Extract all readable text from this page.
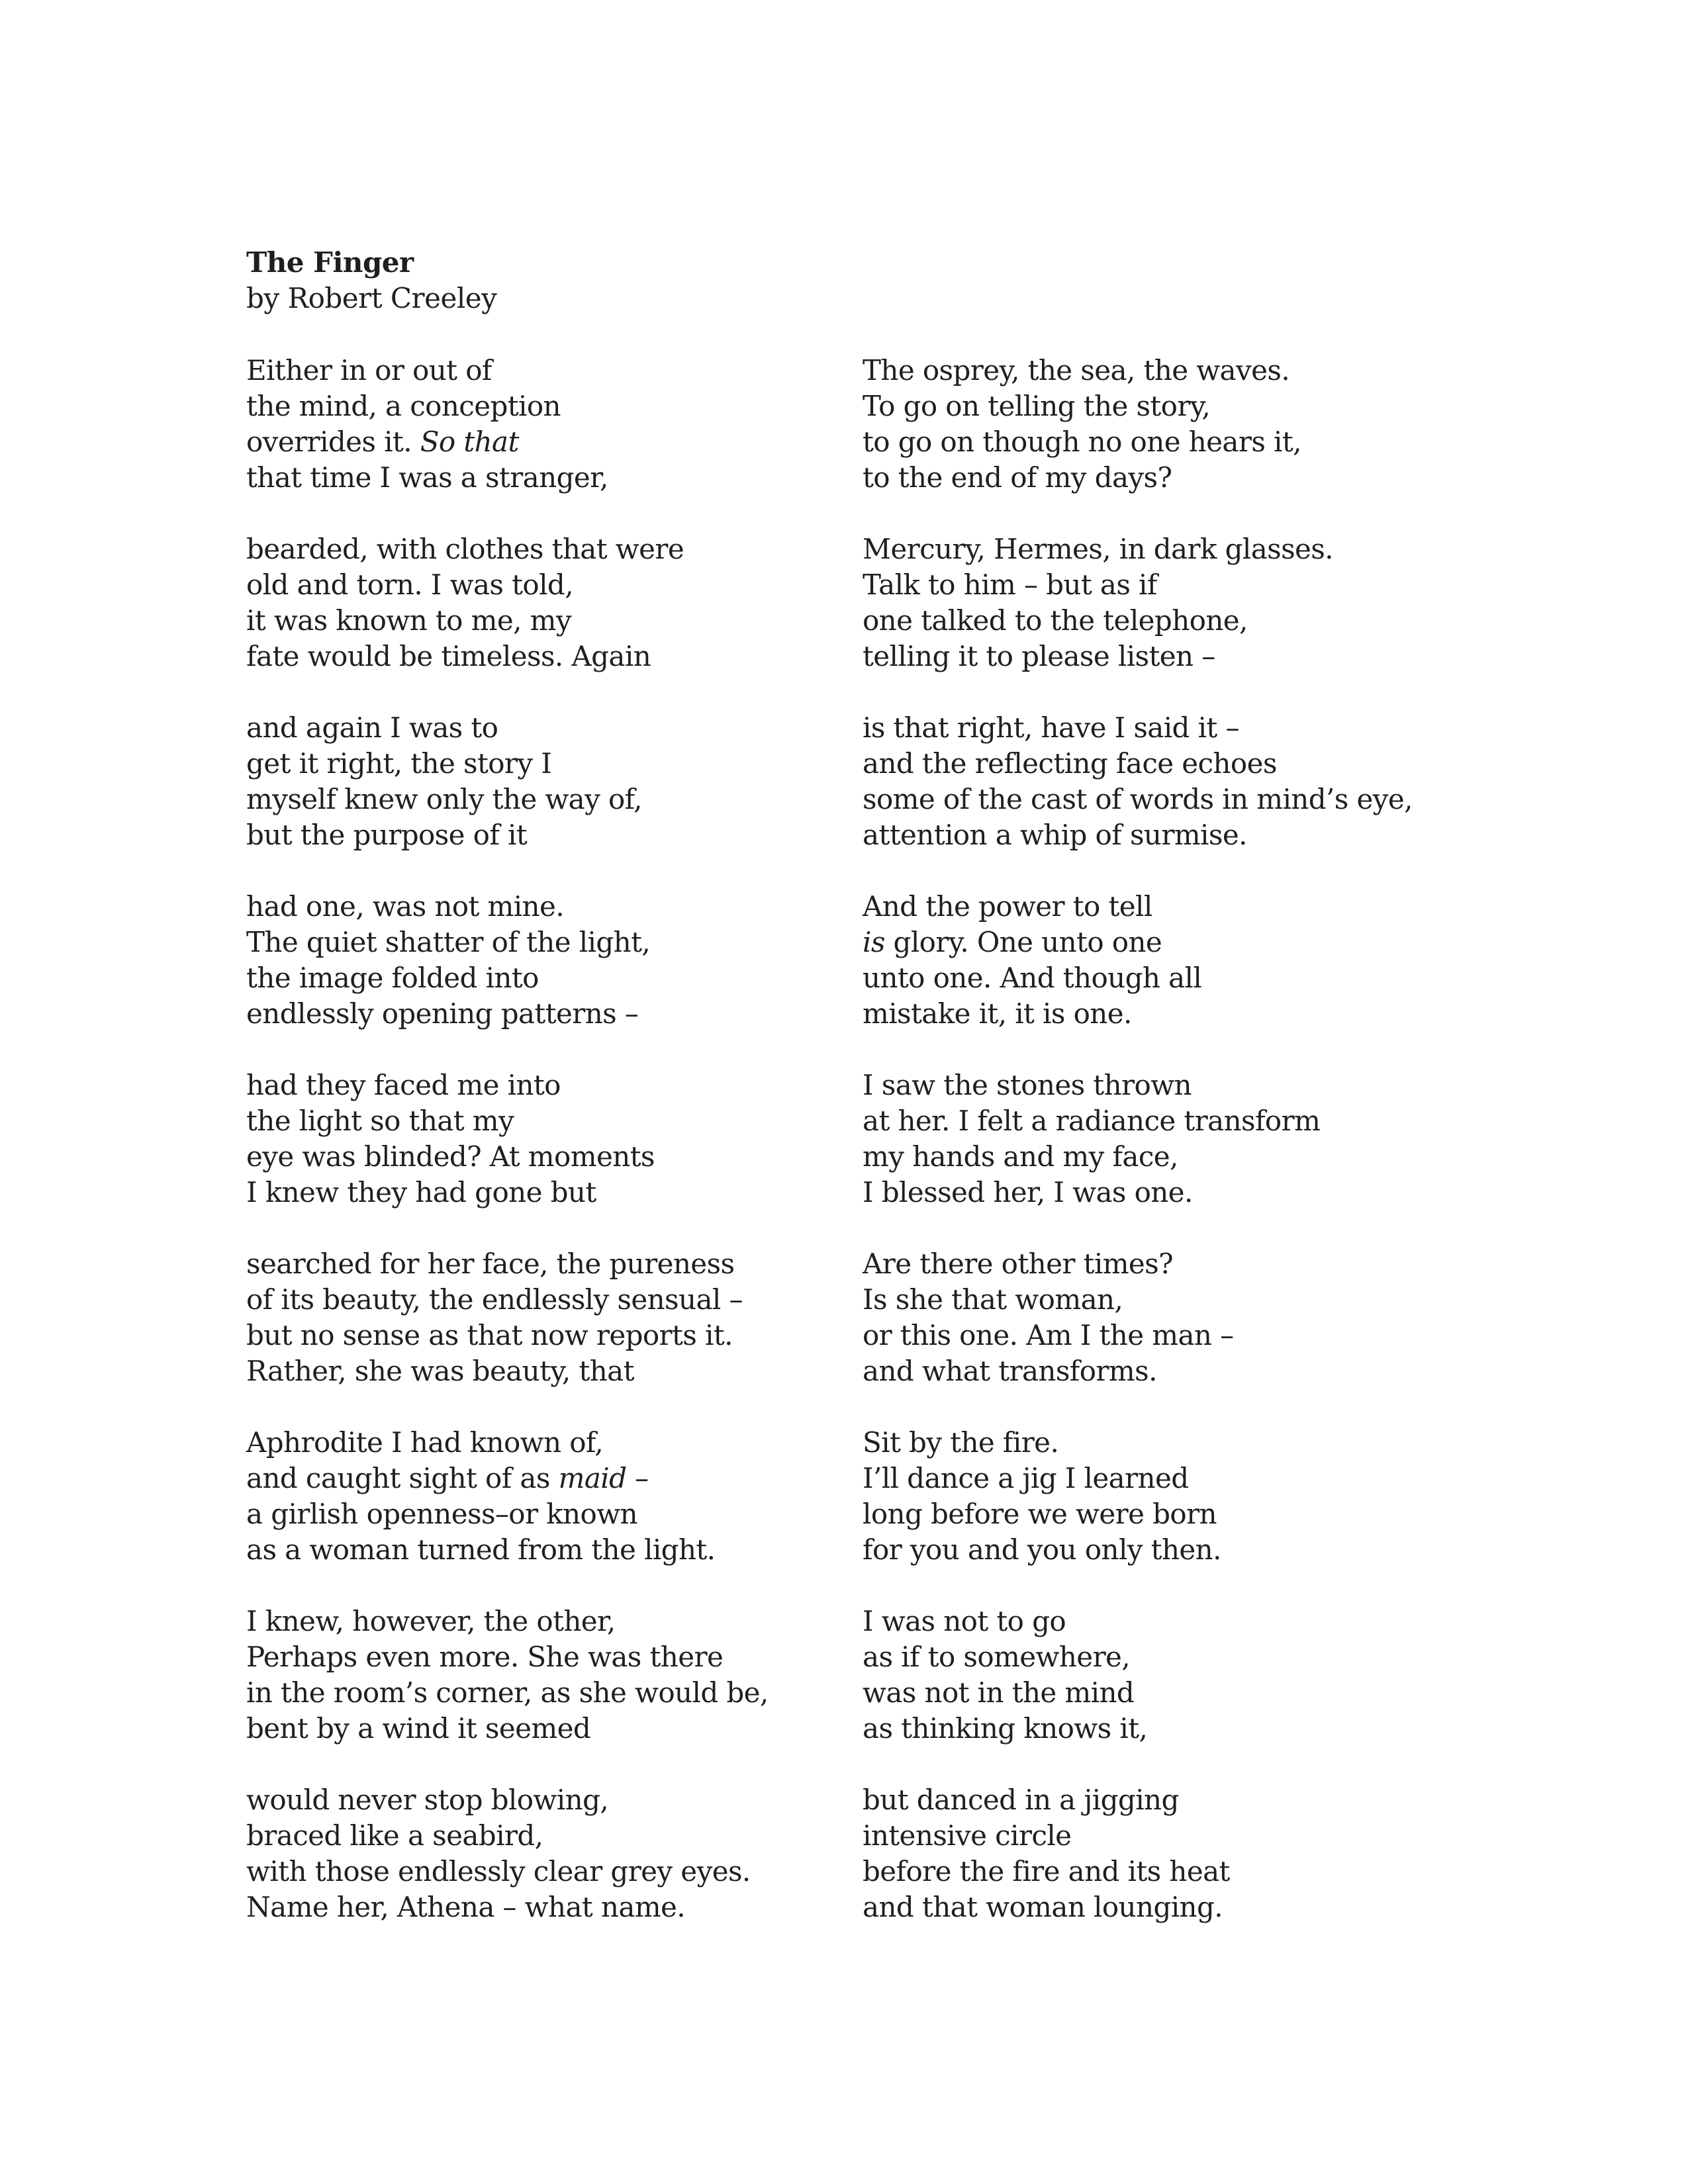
The Finger

by Robert Creeley

Either in or out of
the mind, a conception
overrides it. So that
that time I was a stranger,
bearded, with clothes that were
old and torn. I was told,
it was known to me, my
fate would be timeless. Again
and again I was to
get it right, the story I
myself knew only the way of,
but the purpose of it
had one, was not mine.
The quiet shatter of the light,
the image folded into
endlessly opening patterns –
had they faced me into
the light so that my
eye was blinded? At moments
I knew they had gone but
searched for her face, the pureness
of its beauty, the endlessly sensual –
but no sense as that now reports it.
Rather, she was beauty, that
Aphrodite I had known of,
and caught sight of as maid –
a girlish openness–or known
as a woman turned from the light.
I knew, however, the other,
Perhaps even more. She was there
in the room’s corner, as she would be,
bent by a wind it seemed
would never stop blowing,
braced like a seabird,
with those endlessly clear grey eyes.
Name her, Athena – what name.
The osprey, the sea, the waves.
To go on telling the story,
to go on though no one hears it,
to the end of my days?
Mercury, Hermes, in dark glasses.
Talk to him – but as if
one talked to the telephone,
telling it to please listen –
is that right, have I said it –
and the reflecting face echoes
some of the cast of words in mind’s eye,
attention a whip of surmise.
And the power to tell
is glory. One unto one
unto one. And though all
mistake it, it is one.
I saw the stones thrown
at her. I felt a radiance transform
my hands and my face,
I blessed her, I was one.
Are there other times?
Is she that woman,
or this one. Am I the man –
and what transforms.
Sit by the fire.
I’ll dance a jig I learned
long before we were born
for you and you only then.
I was not to go
as if to somewhere,
was not in the mind
as thinking knows it,
but danced in a jigging
intensive circle
before the fire and its heat
and that woman lounging.
